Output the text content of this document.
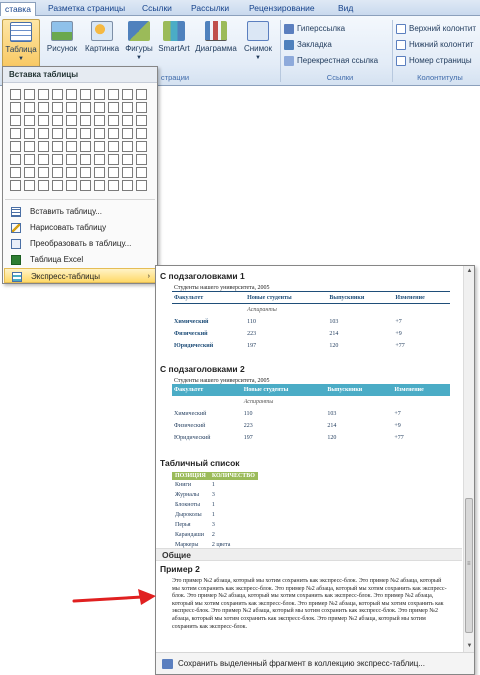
ставка	Разметка страницы	Ссылки	Рассылки	Рецензирование	Вид
Таблица
▼
Рисунок Картинка Фигуры
▼
SmartArt Диаграмма Снимок
▼
страции
Гиперссылка
Закладка
Перекрестная ссылка
Ссылки
Верхний колонтит
Нижний колонтит
Номер страницы
Колонтитулы
Вставка таблицы
Вставить таблицу...
Нарисовать таблицу
Преобразовать в таблицу...
Таблица Excel
Экспресс-таблицы	› С подзаголовками 1
Студенты нашего университета, 2005
Факультет	Новые студенты	Выпускники	Изменение
	Аспиранты		
Химический	110	103	+7
Физический	223	214	+9
Юридический	197	120	+77
С подзаголовками 2
Студенты нашего университета, 2005
Факультет	Новые студенты	Выпускники	Изменение
	Аспиранты		
Химический	110	103	+7
Физический	223	214	+9
Юридический	197	120	+77
Табличный список
ПОЗИЦИЯ	КОЛИЧЕСТВО
Книги	1
Журналы	3
Блокноты	1
Дыроколы	1
Перья	3
Карандаши	2
Маркеры	2 цвета
Общие
Пример 2
Это пример №2 абзаца, который мы хотим сохранить как экспресс-блок. Это пример №2 абзаца, который мы хотим сохранить как экспресс-блок. Это пример №2 абзаца, который мы хотим сохранить как экспресс-блок. Это пример №2 абзаца, который мы хотим сохранить как экспресс-блок. Это пример №2 абзаца, который мы хотим сохранить как экспресс-блок. Это пример №2 абзаца, который мы хотим сохранить как экспресс-блок. Это пример №2 абзаца, который мы хотим сохранить как экспресс-блок. Это пример №2 абзаца, который мы хотим сохранить как экспресс-блок. Это пример №2 абзаца, который мы хотим сохранить как экспресс-блок.
▲
≡
▼
Сохранить выделенный фрагмент в коллекцию экспресс-таблиц...
